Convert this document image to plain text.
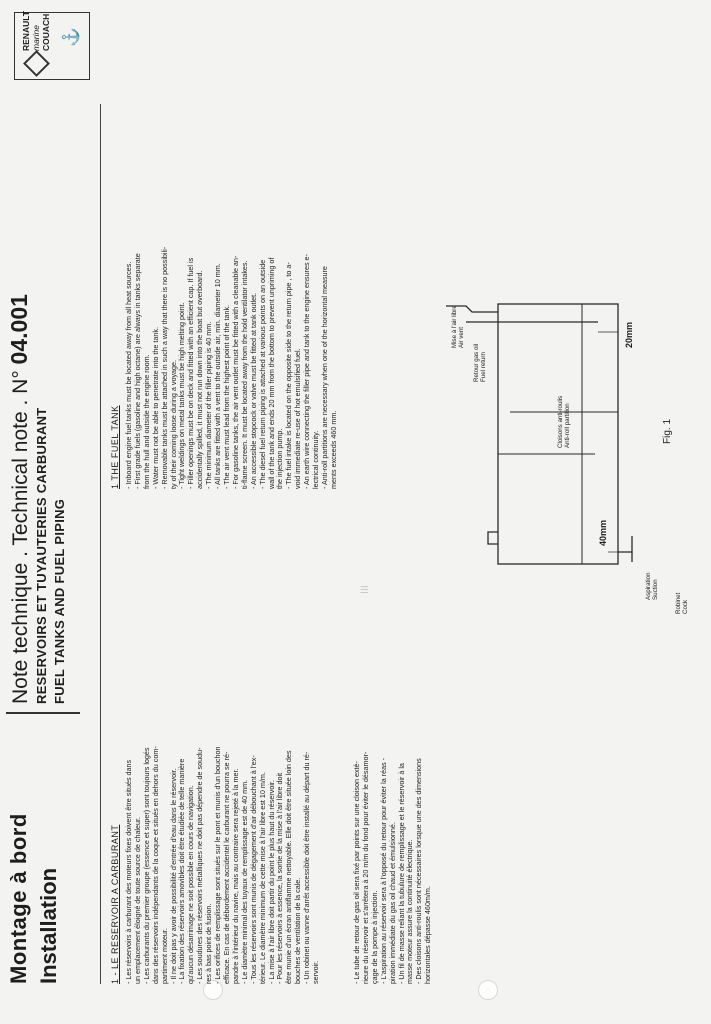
Montage à bord Installation
Note technique . Technical note . N° 04.001
RESERVOIRS ET TUYAUTERIES CARBURANT FUEL TANKS AND FUEL PIPING
RENAULT marine COUACH ⚓
ⅠⅠⅠ
1 - LE RESERVOIR A CARBURANT - Les réservoirs à carburant des moteurs fixes doivent être situés dans
un emplacement éloigné de toute source de chaleur.
- Les carburants du premier groupe (essence et super) sont toujours logés
dans des réservoirs indépendants de la coque et situés en dehors du com-
partiment moteur.
- Il ne doit pas y avoir de possibilité d'entrée d'eau dans le réservoir.
- La fixation des réservoirs amovibles doit être étudiée de telle manière
qu'aucun désarrimage ne soit possible en cours de navigation.
- Les soudures des réservoirs métalliques ne doit pas dépendre de soudu-
res à bas point de fusion.
- Les orifices de remplissage sont situés sur le pont et munis d'un bouchon
efficace. En cas de débordement accidentel le carburant ne pourra se ré-
pandre à l'intérieur du navire, mais au contraire sera rejeté à la mer.
- Le diamètre minimal des tuyaux de remplissage est de 40 mm.
- Tous les réservoirs sont munis de dégagement d'air débouchant à l'ex-
térieur. Le diamètre minimum de cette mise à l'air libre est 10 m/m.
- La mise à l'air libre doit partir du point le plus haut du réservoir.
- Pour les réservoirs à essence, la sortie de la mise à l'air libre doit
être munie d'un écran antiflamme nettoyable. Elle doit être située loin des
bouches de ventilation de la cale.
- Un robinet ou vanne d'arrêt accessible doit être installé au départ du ré-
servoir.	- Le tube de retour de gas oil sera fixé par points sur une cloison exté-
rieure du réservoir et s'arrêtera à 20 m/m du fond pour éviter le désamor-
çage de la pompe à injection.
- L'aspiration au réservoir sera à l'opposé du retour pour éviter la réas -
piration immédiate du gas oil chaud et émulsionné.
- Un fil de masse reliant la tubulure de remplissage et le réservoir à la
masse moteur assure la continuité électrique.
- Des cloisons anti-roulis sont nécessaires lorsque une des dimensions
horizontales dépasse 460m/m.
1 THE FUEL TANK - Inboard engine fuel tanks must be located away from all heat sources.
- First grade fuels (gasoline and high octane) are always in tanks separate
from the hull and outside the engine room.
- Water must not be able to penetrate into the tank.
- Removable tanks must be attached in such a way that there is no possibili-
ty of their coming loose during a voyage.
- Tight weldings on metal tanks must be high melting point.
- Filler openings must be on deck and fitted with an efficient cap. If fuel is
accidentally spilled, it must not run down into the boat but overboard.
- The minimum diameter of the filler piping is 40 mm.
- All tanks are fitted with a vent to the outside air, min. diameter 10 mm.
- The air vent must lead from the highest point of the tank.
- For gasoline tanks, the air vent outlet must be fitted with a cleanable an-
ti-flame screen. It must be located away from the hold ventilator intakes.
- An accessible stopcock or valve must be fitted at tank outlet.
- The diesel fuel return piping is attached at various points on an outside
wall of the tank and ends 20 mm from the bottom to prevent unpriming of
the injection pump.
- The fuel intake is located on the opposite side to the return pipe , to a-
void immediate re-use of hot emulsified fuel.
- An earth wire connecting the filler pipe and tank to the engine ensures e-
lectrical continuity.
- Anti-roll partitions are necessary when one of the horizontal measure
ments exceeds 460 mm.
Mise à l'air libre Air vent
Retour gas oil Fuel return
Cloisons anti-roulis Anti-roll partition
Aspiration Suction
Robinet Cock
20mm
40mm
Fig. 1
